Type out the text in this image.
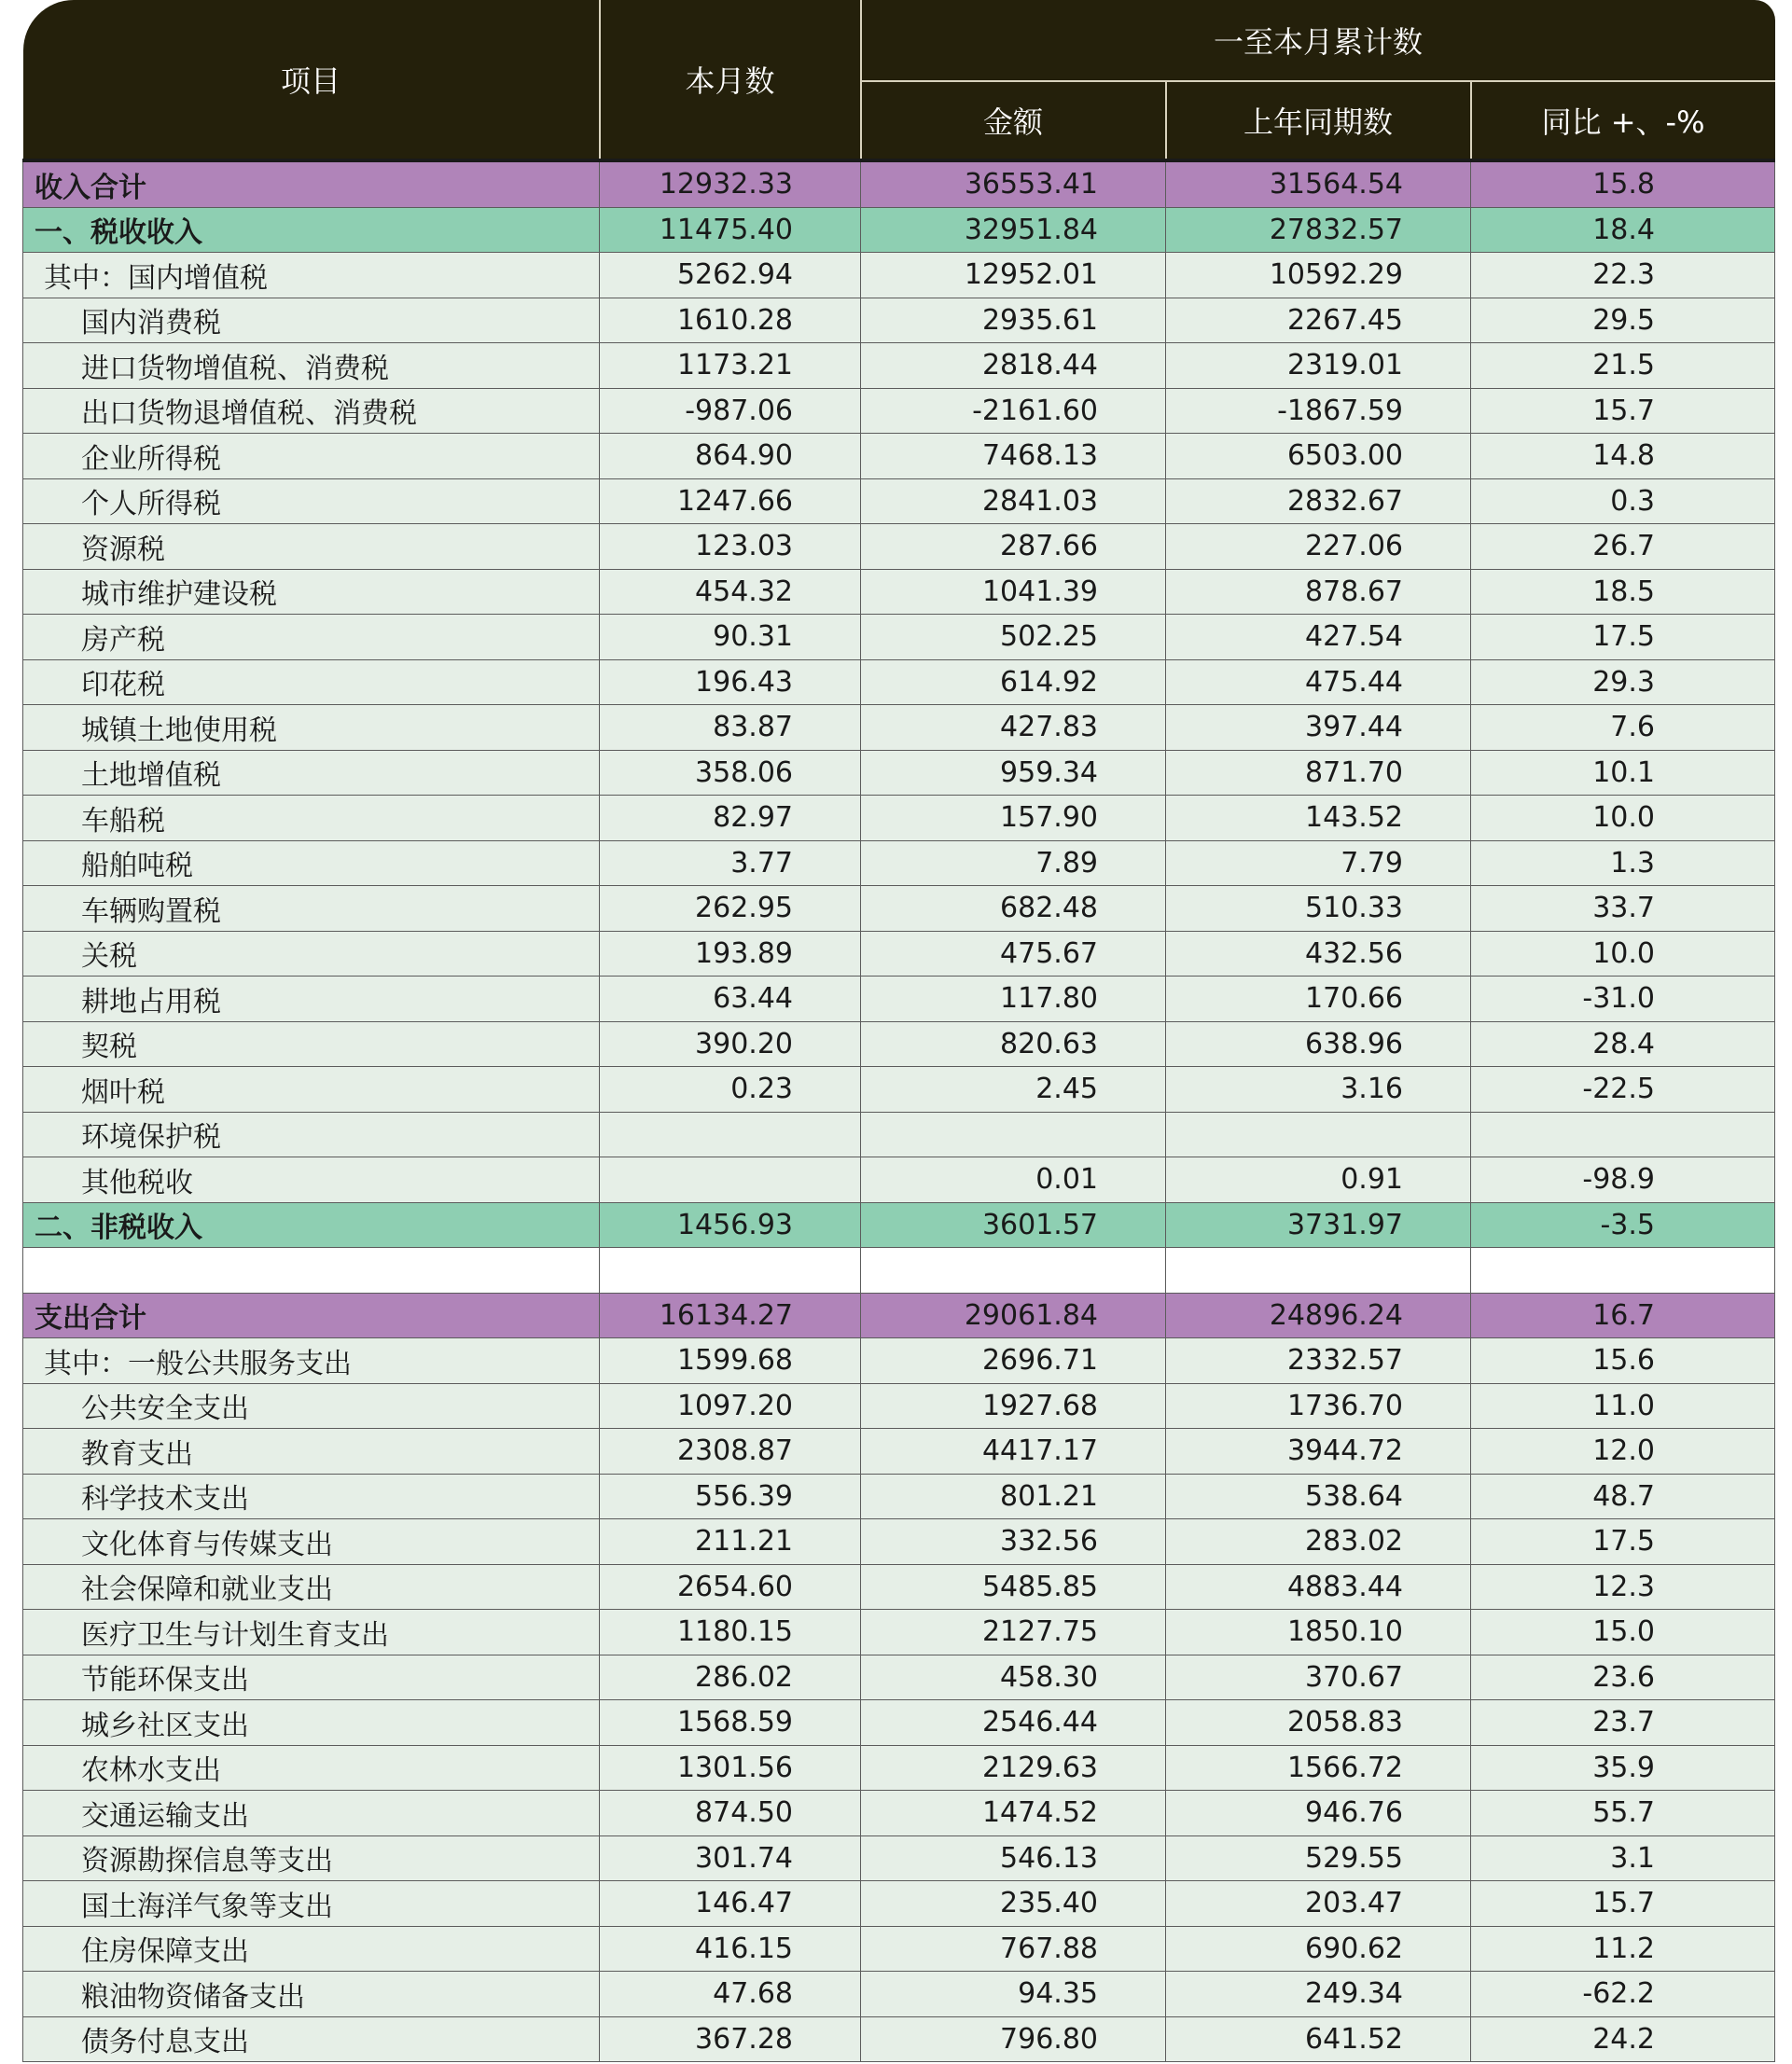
项目	本月数	一至本月累计数		
		金额	上年同期数	同比 +、-%
收入合计	12932.33	36553.41	31564.54	15.8
一、税收收入	11475.40	32951.84	27832.57	18.4
其中：国内增值税	5262.94	12952.01	10592.29	22.3
国内消费税	1610.28	2935.61	2267.45	29.5
进口货物增值税、消费税	1173.21	2818.44	2319.01	21.5
出口货物退增值税、消费税	-987.06	-2161.60	-1867.59	15.7
企业所得税	864.90	7468.13	6503.00	14.8
个人所得税	1247.66	2841.03	2832.67	0.3
资源税	123.03	287.66	227.06	26.7
城市维护建设税	454.32	1041.39	878.67	18.5
房产税	90.31	502.25	427.54	17.5
印花税	196.43	614.92	475.44	29.3
城镇土地使用税	83.87	427.83	397.44	7.6
土地增值税	358.06	959.34	871.70	10.1
车船税	82.97	157.90	143.52	10.0
船舶吨税	3.77	7.89	7.79	1.3
车辆购置税	262.95	682.48	510.33	33.7
关税	193.89	475.67	432.56	10.0
耕地占用税	63.44	117.80	170.66	-31.0
契税	390.20	820.63	638.96	28.4
烟叶税	0.23	2.45	3.16	-22.5
环境保护税				
其他税收		0.01	0.91	-98.9
二、非税收入	1456.93	3601.57	3731.97	-3.5

支出合计	16134.27	29061.84	24896.24	16.7
其中：一般公共服务支出	1599.68	2696.71	2332.57	15.6
公共安全支出	1097.20	1927.68	1736.70	11.0
教育支出	2308.87	4417.17	3944.72	12.0
科学技术支出	556.39	801.21	538.64	48.7
文化体育与传媒支出	211.21	332.56	283.02	17.5
社会保障和就业支出	2654.60	5485.85	4883.44	12.3
医疗卫生与计划生育支出	1180.15	2127.75	1850.10	15.0
节能环保支出	286.02	458.30	370.67	23.6
城乡社区支出	1568.59	2546.44	2058.83	23.7
农林水支出	1301.56	2129.63	1566.72	35.9
交通运输支出	874.50	1474.52	946.76	55.7
资源勘探信息等支出	301.74	546.13	529.55	3.1
国土海洋气象等支出	146.47	235.40	203.47	15.7
住房保障支出	416.15	767.88	690.62	11.2
粮油物资储备支出	47.68	94.35	249.34	-62.2
债务付息支出	367.28	796.80	641.52	24.2
